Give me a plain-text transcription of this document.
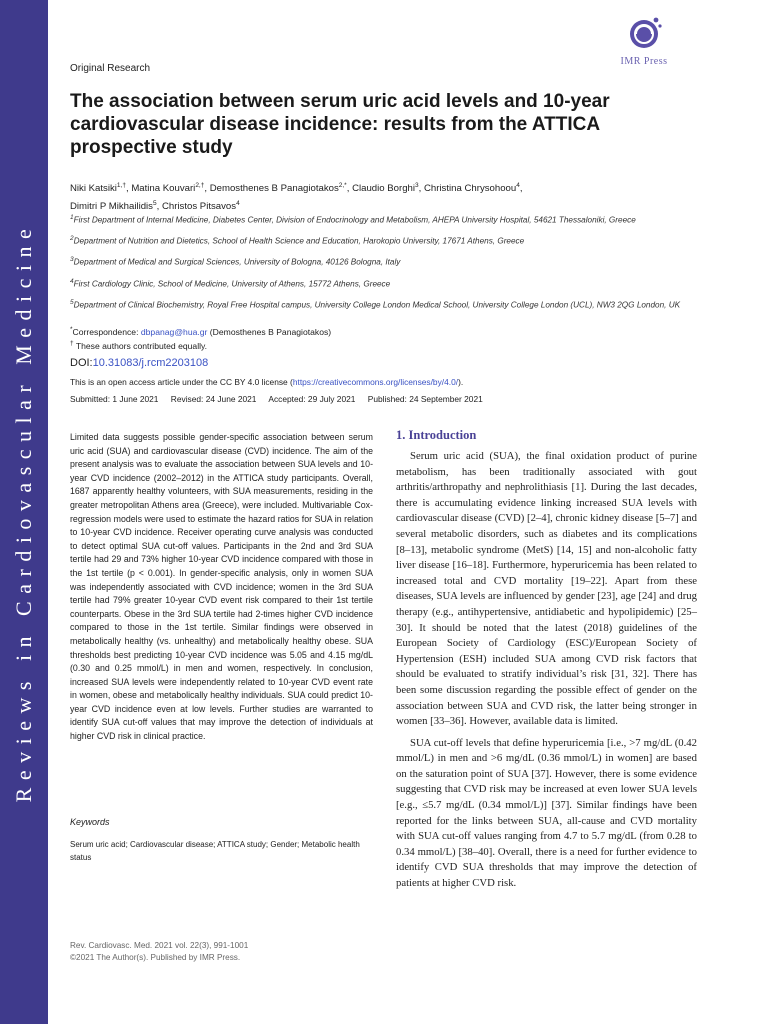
Reviews in Cardiovascular Medicine
IMR Press
Original Research
The association between serum uric acid levels and 10-year cardiovascular disease incidence: results from the ATTICA prospective study
Niki Katsiki$^{1,\dagger}$, Matina Kouvari$^{2,\dagger}$, Demosthenes B Panagiotakos$^{2,*}$, Claudio Borghi$^3$, Christina Chrysohoou$^4$,
Dimitri P Mikhailidis$^5$, Christos Pitsavos$^4$

$^1$First Department of Internal Medicine, Diabetes Center, Division of Endocrinology and Metabolism, AHEPA University Hospital, 54621 Thessaloniki, Greece

$^2$Department of Nutrition and Dietetics, School of Health Science and Education, Harokopio University, 17671 Athens, Greece

$^3$Department of Medical and Surgical Sciences, University of Bologna, 40126 Bologna, Italy

$^4$First Cardiology Clinic, School of Medicine, University of Athens, 15772 Athens, Greece

$^5$Department of Clinical Biochemistry, Royal Free Hospital campus, University College London Medical School, University College London (UCL), NW3 2QG London, UK

*Correspondence: dbpanag@hua.gr (Demosthenes B Panagiotakos)
† These authors contributed equally.
DOI:10.31083/j.rcm2203108
This is an open access article under the CC BY 4.0 license (https://creativecommons.org/licenses/by/4.0/).
Submitted: 1 June 2021 Revised: 24 June 2021 Accepted: 29 July 2021 Published: 24 September 2021

Limited data suggests possible gender-specific association between serum uric acid (SUA) and cardiovascular disease (CVD) incidence. The aim of the present analysis was to evaluate the association between SUA levels and 10-year CVD incidence (2002–2012) in the ATTICA study participants. Overall, 1687 apparently healthy volunteers, with SUA measurements, residing in the greater metropolitan Athens area (Greece), were included. Multivariable Cox-regression models were used to estimate the hazard ratios for SUA in relation to 10-year CVD incidence. Receiver operating curve analysis was conducted to detect optimal SUA cut-off values. Participants in the 2nd and 3rd SUA tertile had 29 and 73% higher 10-year CVD incidence compared with those in the 1st tertile (p < 0.001). In gender-specific analysis, only in women SUA was independently associated with CVD incidence; women in the 3rd SUA tertile had 79% greater 10-year CVD event risk compared to their 1st tertile counterparts. Obese in the 3rd SUA tertile had 2-times higher CVD incidence compared to those in the 1st tertile. Similar findings were observed in metabolically healthy (vs. unhealthy) and metabolically healthy obese. SUA thresholds best predicting 10-year CVD incidence was 5.05 and 4.15 mg/dL (0.30 and 0.25 mmol/L) in men and women, respectively. In conclusion, increased SUA levels were independently related to 10-year CVD event rate in women, obese and metabolically healthy individuals. SUA could predict 10-year CVD incidence even at low levels. Further studies are warranted to identify SUA cut-off values that may improve the detection of individuals at higher CVD risk in clinical practice.

Keywords
Serum uric acid; Cardiovascular disease; ATTICA study; Gender; Metabolic health status
1. Introduction

Serum uric acid (SUA), the final oxidation product of purine metabolism, has been traditionally associated with gout arthritis/arthropathy and nephrolithiasis [1]. During the last decades, there is accumulating evidence linking increased SUA levels with cardiovascular disease (CVD) [2–4], chronic kidney disease [5–7] and several metabolic disorders, such as diabetes and its complications [8–13], metabolic syndrome (MetS) [14, 15] and non-alcoholic fatty liver disease [16–18]. Furthermore, hyperuricemia has been related to increased total and CVD mortality [19–22]. Apart from these diseases, SUA levels are influenced by gender [23], age [24] and drug therapy (e.g., antihypertensive, antidiabetic and hypolipidemic) [25–30]. It should be noted that the latest (2018) guidelines of the European Society of Cardiology (ESC)/European Society of Hypertension (ESH) included SUA among CVD risk factors that should be evaluated to stratify individual’s risk [31, 32]. There has been some discussion regarding the possible effect of gender on the association between SUA and CVD risk, the latter being stronger in women [33–36]. However, available data is limited.

SUA cut-off levels that define hyperuricemia [i.e., >7 mg/dL (0.42 mmol/L) in men and >6 mg/dL (0.36 mmol/L) in women] are based on the saturation point of SUA [37]. However, there is some evidence suggesting that CVD risk may be increased at even lower SUA levels [e.g., ≤5.7 mg/dL (0.34 mmol/L)] [37]. Similar findings have been reported for the links between SUA, all-cause and CVD mortality with SUA cut-off values ranging from 4.7 to 5.7 mg/dL (from 0.28 to 0.34 mmol/L) [38–40]. Overall, there is a need for further evidence to identify CVD SUA thresholds that may improve the detection of patients at higher CVD risk.

Rev. Cardiovasc. Med. 2021 vol. 22(3), 991-1001
©2021 The Author(s). Published by IMR Press.
